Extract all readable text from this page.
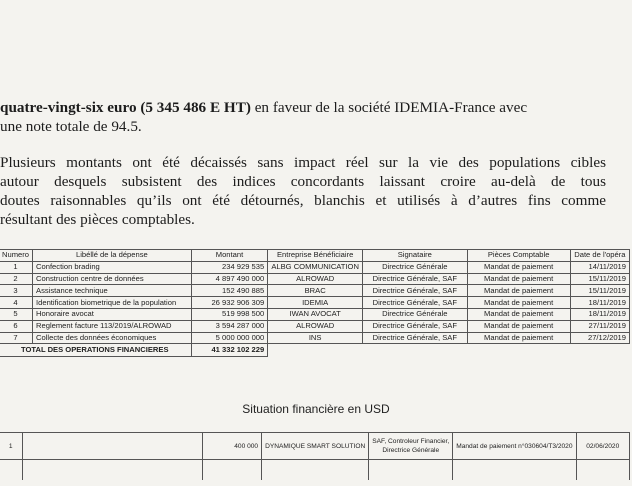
quatre-vingt-six euro (5 345 486 E HT) en faveur de la société IDEMIA-France avec
une note totale de 94.5.
Plusieurs montants ont été décaissés sans impact réel sur la vie des populations cibles
autour desquels subsistent des indices concordants laissant croire au-delà de tous
doutes raisonnables qu’ils ont été détournés, blanchis et utilisés à d’autres fins comme
résultant des pièces comptables.
Numero	Libéllé de la dépense	Montant	Entreprise Bénéficiaire	Signataire	Pièces Comptable	Date de l'opéra
1	Confection brading	234 929 535	ALBG COMMUNICATION	Directrice Générale	Mandat de paiement	14/11/2019
2	Construction centre de données	4 897 490 000	ALROWAD	Directrice Générale, SAF	Mandat de paiement	15/11/2019
3	Assistance technique	152 490 885	BRAC	Directrice Générale, SAF	Mandat de paiement	15/11/2019
4	Identification biometrique de la population	26 932 906 309	IDEMIA	Directrice Générale, SAF	Mandat de paiement	18/11/2019
5	Honoraire avocat	519 998 500	IWAN AVOCAT	Directrice Générale	Mandat de paiement	18/11/2019
6	Reglement facture 113/2019/ALROWAD	3 594 287 000	ALROWAD	Directrice Générale, SAF	Mandat de paiement	27/11/2019
7	Collecte des données économiques	5 000 000 000	INS	Directrice Générale, SAF	Mandat de paiement	27/12/2019
TOTAL DES OPERATIONS FINANCIERES		41 332 102 229				
Situation financière en USD
1		400 000	DYNAMIQUE SMART SOLUTION	SAF, Controleur Financier,
Directrice Générale	Mandat de paiement n°030604/T3/2020	02/06/2020
